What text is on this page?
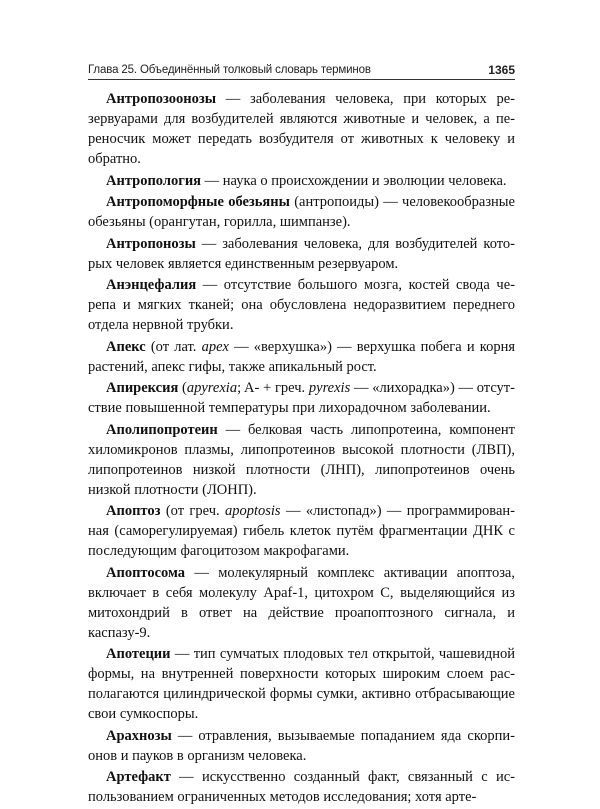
Глава 25. Объединённый толковый словарь терминов	1365

Антропозоонозы — заболевания человека, при которых резервуарами для возбудителей являются животные и человек, а переносчик может передать возбудителя от животных к человеку и обратно.

Антропология — наука о происхождении и эволюции человека.

Антропоморфные обезьяны (антропоиды) — человекообразные обезьяны (орангутан, горилла, шимпанзе).

Антропонозы — заболевания человека, для возбудителей которых человек является единственным резервуаром.

Анэнцефалия — отсутствие большого мозга, костей свода черепа и мягких тканей; она обусловлена недоразвитием переднего отдела нервной трубки.

Апекс (от лат. apex — «верхушка») — верхушка побега и корня растений, апекс гифы, также апикальный рост.

Апирексия (apyrexia; A- + греч. pyrexis — «лихорадка») — отсутствие повышенной температуры при лихорадочном заболевании.

Аполипопротеин — белковая часть липопротеина, компонент хиломикронов плазмы, липопротеинов высокой плотности (ЛВП), липопротеинов низкой плотности (ЛНП), липопротеинов очень низкой плотности (ЛОНП).

Апоптоз (от греч. apoptosis — «листопад») — программированная (саморегулируемая) гибель клеток путём фрагментации ДНК с последующим фагоцитозом макрофагами.

Апоптосома — молекулярный комплекс активации апоптоза, включает в себя молекулу Apaf-1, цитохром С, выделяющийся из митохондрий в ответ на действие проапоптозного сигнала, и каспазу-9.

Апотеции — тип сумчатых плодовых тел открытой, чашевидной формы, на внутренней поверхности которых широким слоем располагаются цилиндрической формы сумки, активно отбрасывающие свои сумкоспоры.

Арахнозы — отравления, вызываемые попаданием яда скорпионов и пауков в организм человека.

Артефакт — искусственно созданный факт, связанный с использованием ограниченных методов исследования; хотя арте-
